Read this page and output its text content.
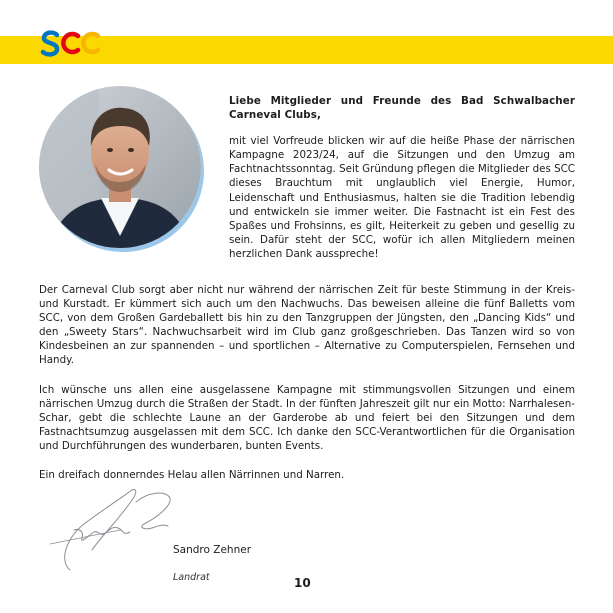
Liebe Mitglieder und Freunde des Bad Schwalbacher Carneval Clubs,

mit viel Vorfreude blicken wir auf die heiße Phase der närrischen Kampagne 2023/24, auf die Sitzungen und den Umzug am Fachtnachtssonntag. Seit Gründung pflegen die Mitglieder des SCC dieses Brauchtum mit unglaublich viel Energie, Humor, Leidenschaft und Enthusiasmus, halten sie die Tradition lebendig und entwickeln sie immer weiter. Die Fastnacht ist ein Fest des Spaßes und Frohsinns, es gilt, Heiterkeit zu geben und gesellig zu sein. Dafür steht der SCC, wofür ich allen Mitgliedern meinen herzlichen Dank ausspreche!

Der Carneval Club sorgt aber nicht nur während der närrischen Zeit für beste Stimmung in der Kreis- und Kurstadt. Er kümmert sich auch um den Nachwuchs. Das beweisen alleine die fünf Balletts vom SCC, von dem Großen Gardeballett bis hin zu den Tanzgruppen der Jüngsten, den „Dancing Kids“ und den „Sweety Stars“. Nachwuchsarbeit wird im Club ganz großgeschrieben. Das Tanzen wird so von Kindesbeinen an zur spannenden – und sportlichen – Alternative zu Computerspielen, Fernsehen und Handy.

Ich wünsche uns allen eine ausgelassene Kampagne mit stimmungsvollen Sitzungen und einem närrischen Umzug durch die Straßen der Stadt. In der fünften Jahreszeit gilt nur ein Motto: Narrhalesen-Schar, gebt die schlechte Laune an der Garderobe ab und feiert bei den Sitzungen und dem Fastnachtsumzug ausgelassen mit dem SCC. Ich danke den SCC-Verantwortlichen für die Organisation und Durchführungen des wunderbaren, bunten Events.

Ein dreifach donnerndes Helau allen Närrinnen und Narren.

Sandro Zehner
Landrat	10
